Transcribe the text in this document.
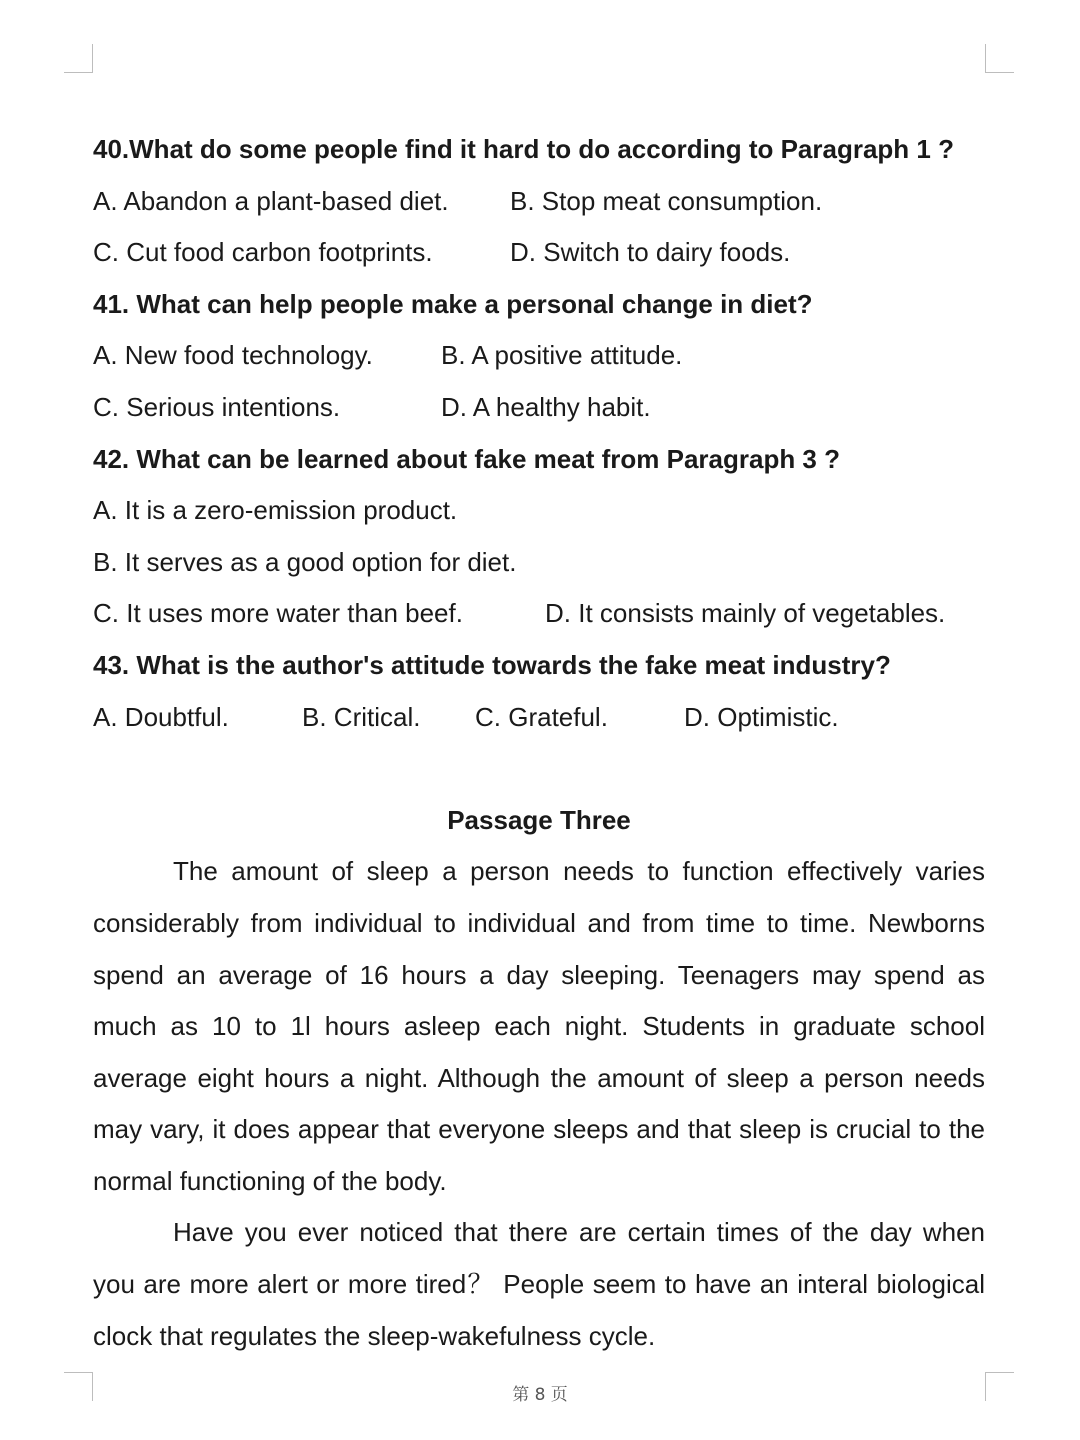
40.What do some people find it hard to do according to Paragraph 1 ?
A. Abandon a plant-based diet. B. Stop meat consumption.
C. Cut food carbon footprints.	D. Switch to dairy foods.
41. What can help people make a personal change in diet?
A. New food technology.	B. A positive attitude.
C. Serious intentions.	D. A healthy habit.
42. What can be learned about fake meat from Paragraph 3 ?
A. It is a zero-emission product.
B. It serves as a good option for diet.
C. It uses more water than beef.	D. It consists mainly of vegetables.
43. What is the author's attitude towards the fake meat industry?
A. Doubtful.	B. Critical. C. Grateful.	D. Optimistic.
Passage Three

The amount of sleep a person needs to function effectively varies considerably from individual to individual and from time to time. Newborns spend an average of 16 hours a day sleeping. Teenagers may spend as much as 10 to 1l hours asleep each night. Students in graduate school average eight hours a night. Although the amount of sleep a person needs may vary, it does appear that everyone sleeps and that sleep is crucial to the normal functioning of the body.

Have you ever noticed that there are certain times of the day when you are more alert or more tired？ People seem to have an interal biological clock that regulates the sleep-wakefulness cycle.

第 8 页
